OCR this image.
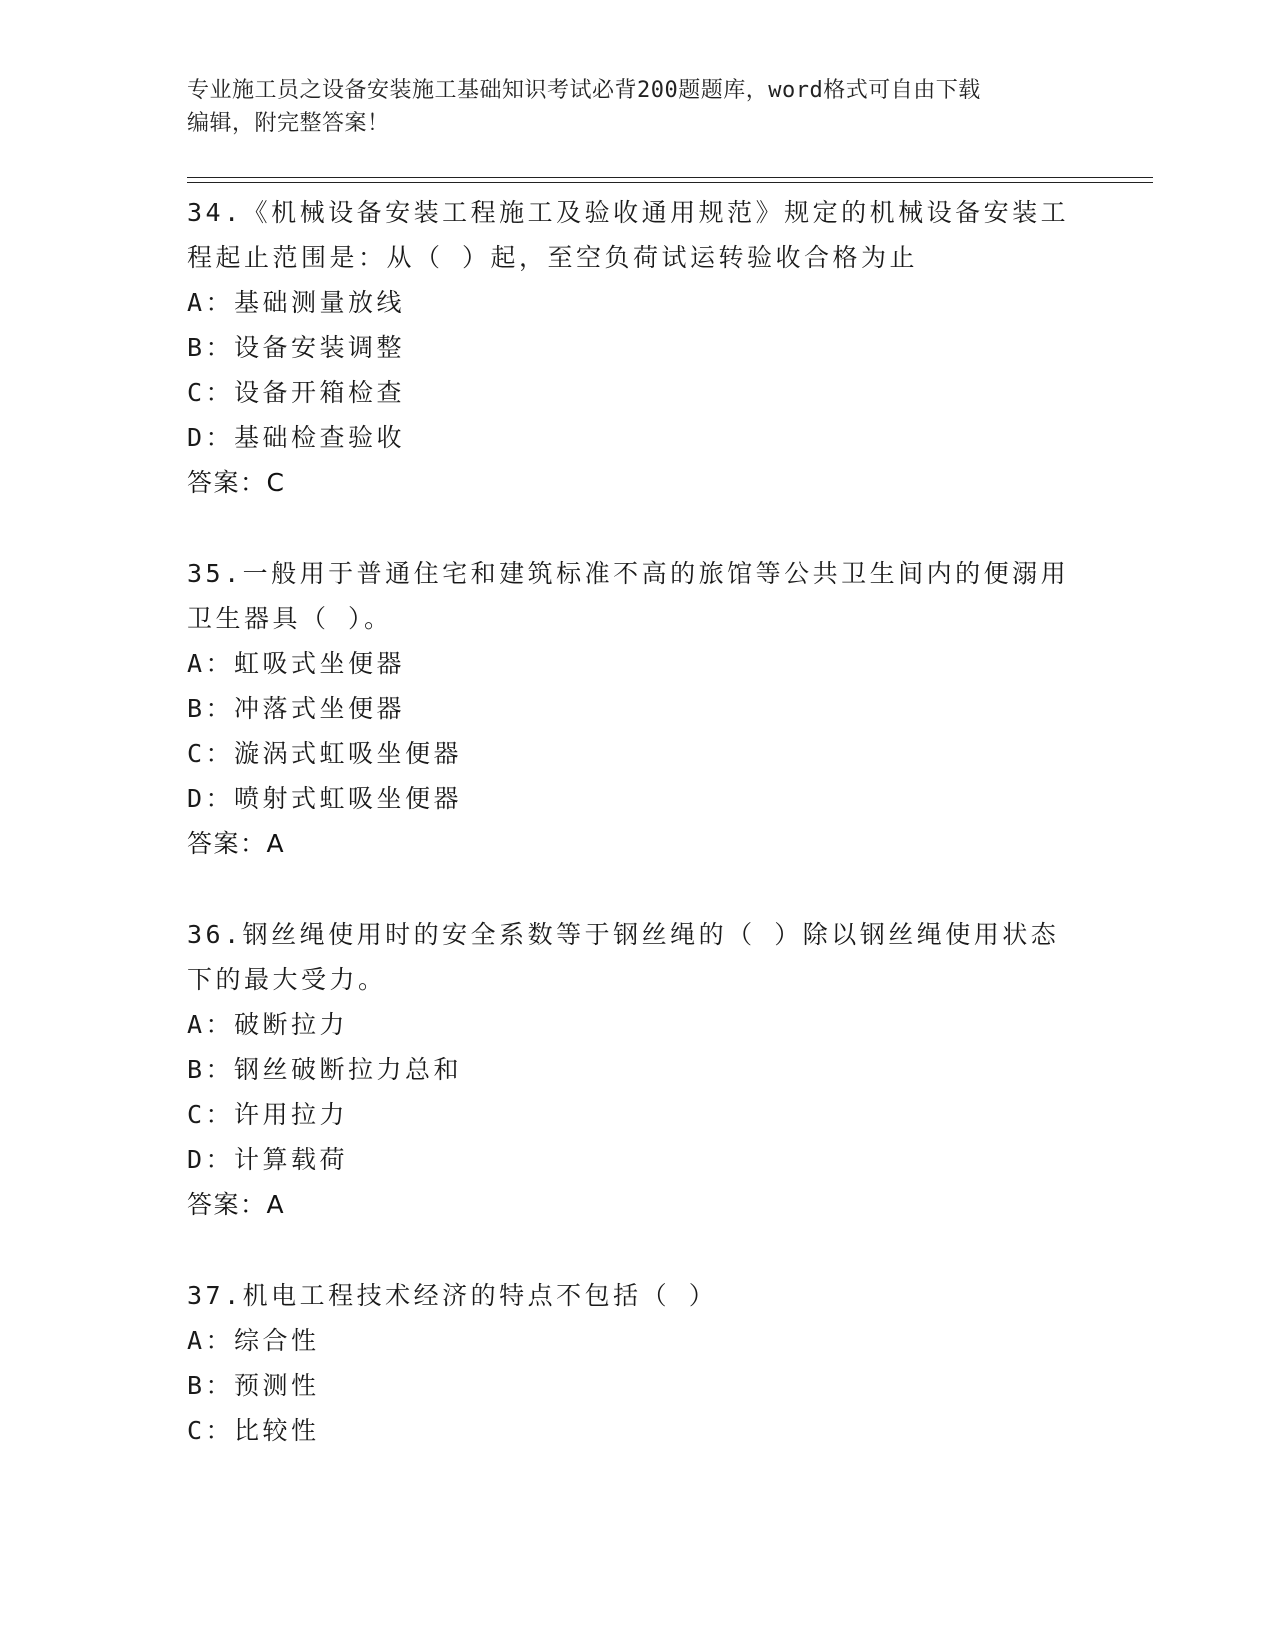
专业施工员之设备安装施工基础知识考试必背200题题库，word格式可自由下载
编辑，附完整答案！

34.《机械设备安装工程施工及验收通用规范》规定的机械设备安装工

程起止范围是：从（ ）起，至空负荷试运转验收合格为止

A：基础测量放线

B：设备安装调整

C：设备开箱检查

D：基础检查验收

答案：C

35.一般用于普通住宅和建筑标准不高的旅馆等公共卫生间内的便溺用

卫生器具（ ）。

A：虹吸式坐便器

B：冲落式坐便器

C：漩涡式虹吸坐便器

D：喷射式虹吸坐便器

答案：A

36.钢丝绳使用时的安全系数等于钢丝绳的（ ）除以钢丝绳使用状态

下的最大受力。

A：破断拉力

B：钢丝破断拉力总和

C：许用拉力

D：计算载荷

答案：A

37.机电工程技术经济的特点不包括（ ）

A：综合性

B：预测性

C：比较性
